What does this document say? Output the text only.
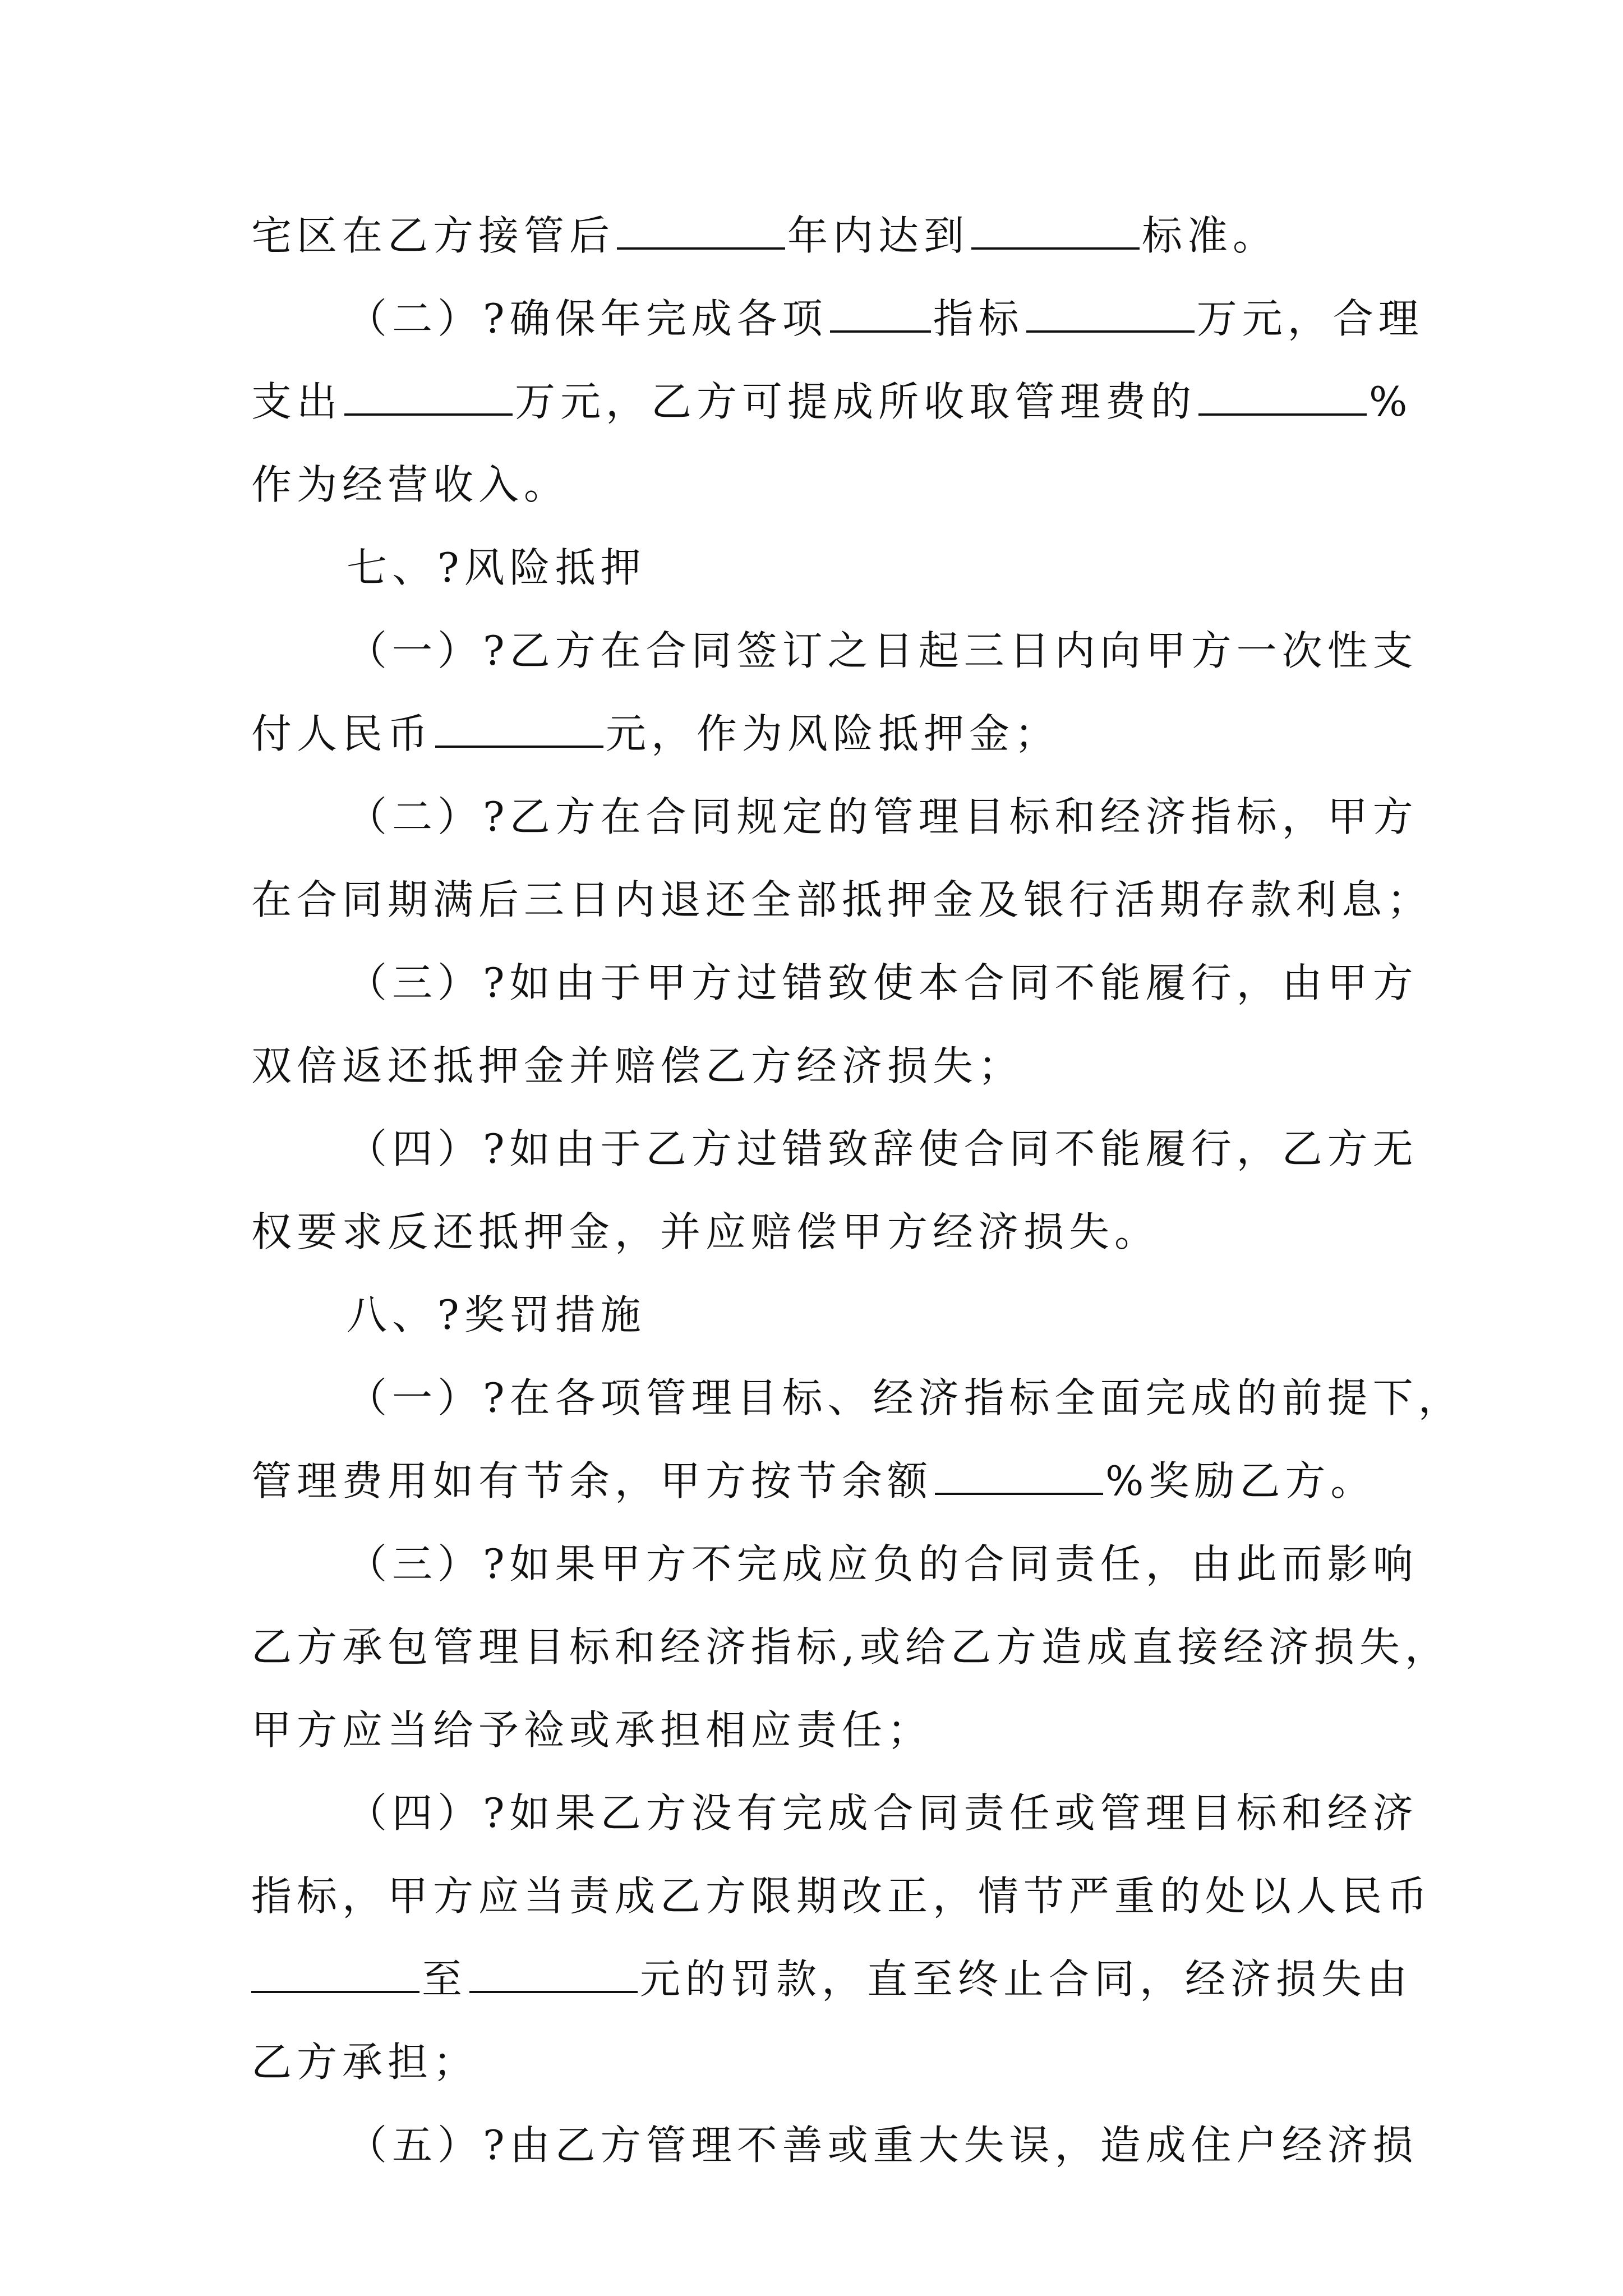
宅区在乙方接管后	年内达到	标准。
（二）?确保年完成各项	指标	万元，合理
支出	万元，乙方可提成所收取管理费的	%
作为经营收入。
七、?风险抵押
（一）?乙方在合同签订之日起三日内向甲方一次性支
付人民币	元，作为风险抵押金；
（二）?乙方在合同规定的管理目标和经济指标，甲方
在合同期满后三日内退还全部抵押金及银行活期存款利息；
（三）?如由于甲方过错致使本合同不能履行，由甲方
双倍返还抵押金并赔偿乙方经济损失；
（四）?如由于乙方过错致辞使合同不能履行，乙方无
权要求反还抵押金，并应赔偿甲方经济损失。
八、?奖罚措施
（一）?在各项管理目标、经济指标全面完成的前提下，
管理费用如有节余，甲方按节余额	%奖励乙方。
（三）?如果甲方不完成应负的合同责任，由此而影响
乙方承包管理目标和经济指标,或给乙方造成直接经济损失，
甲方应当给予裣或承担相应责任；
（四）?如果乙方没有完成合同责任或管理目标和经济
指标，甲方应当责成乙方限期改正，情节严重的处以人民币
至	元的罚款，直至终止合同，经济损失由
乙方承担；
（五）?由乙方管理不善或重大失误，造成住户经济损
